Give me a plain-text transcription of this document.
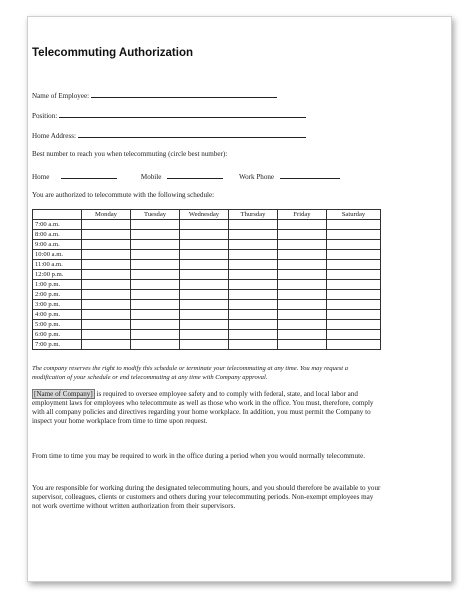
Telecommuting Authorization
Name of Employee:
Position:
Home Address:
Best number to reach you when telecommuting (circle best number):
Home	Mobile	Work Phone
You are authorized to telecommute with the following schedule:
	Monday	Tuesday	Wednesday	Thursday	Friday	Saturday
7:00 a.m.						
8:00 a.m.						
9:00 a.m.						
10:00 a.m.						
11:00 a.m.						
12:00 p.m.						
1:00 p.m.						
2:00 p.m.						
3:00 p.m.						
4:00 p.m.						
5:00 p.m.						
6:00 p.m.						
7:00 p.m.						
The company reserves the right to modify this schedule or terminate your telecommuting at any time. You may request a modification of your schedule or end telecommuting at any time with Company approval.
[Name of Company] is required to oversee employee safety and to comply with federal, state, and local labor and employment laws for employees who telecommute as well as those who work in the office. You must, therefore, comply with all company policies and directives regarding your home workplace. In addition, you must permit the Company to inspect your home workplace from time to time upon request.
From time to time you may be required to work in the office during a period when you would normally telecommute.
You are responsible for working during the designated telecommuting hours, and you should therefore be available to your supervisor, colleagues, clients or customers and others during your telecommuting periods. Non-exempt employees may not work overtime without written authorization from their supervisors.
